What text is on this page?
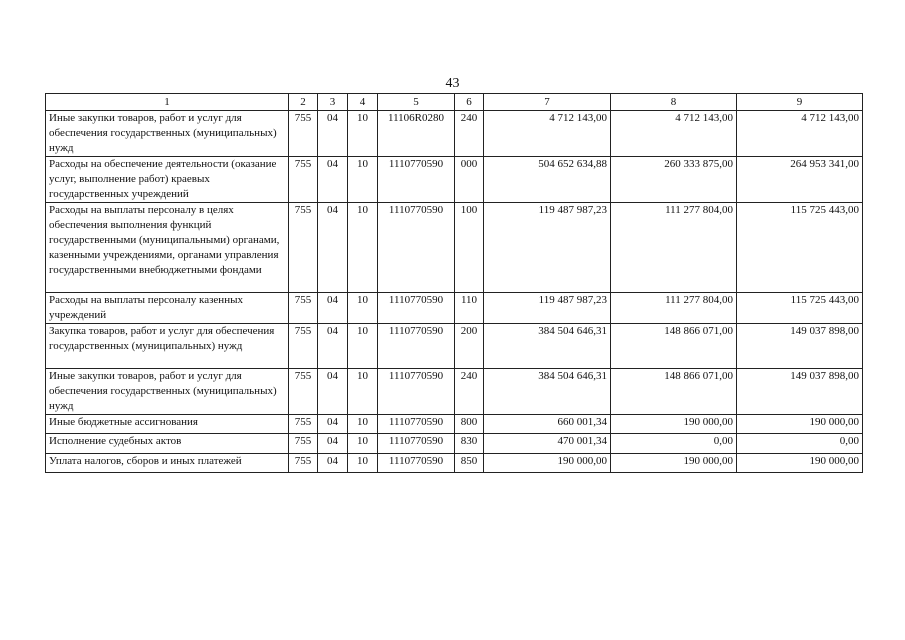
43
1	2	3	4	5	6	7	8	9
Иные закупки товаров, работ и услуг для обеспечения государственных (муниципальных) нужд	755	04	10	11106R0280	240	4 712 143,00	4 712 143,00	4 712 143,00
Расходы на обеспечение деятельности (оказание услуг, выполнение работ) краевых государственных учреждений	755	04	10	1110770590	000	504 652 634,88	260 333 875,00	264 953 341,00
Расходы на выплаты персоналу в целях обеспечения выполнения функций государственными (муниципальными) органами, казенными учреждениями, органами управления государственными внебюджетными фондами	755	04	10	1110770590	100	119 487 987,23	111 277 804,00	115 725 443,00
Расходы на выплаты персоналу казенных учреждений	755	04	10	1110770590	110	119 487 987,23	111 277 804,00	115 725 443,00
Закупка товаров, работ и услуг для обеспечения государственных (муниципальных) нужд	755	04	10	1110770590	200	384 504 646,31	148 866 071,00	149 037 898,00
Иные закупки товаров, работ и услуг для обеспечения государственных (муниципальных) нужд	755	04	10	1110770590	240	384 504 646,31	148 866 071,00	149 037 898,00
Иные бюджетные ассигнования	755	04	10	1110770590	800	660 001,34	190 000,00	190 000,00
Исполнение судебных актов	755	04	10	1110770590	830	470 001,34	0,00	0,00
Уплата налогов, сборов и иных платежей	755	04	10	1110770590	850	190 000,00	190 000,00	190 000,00
